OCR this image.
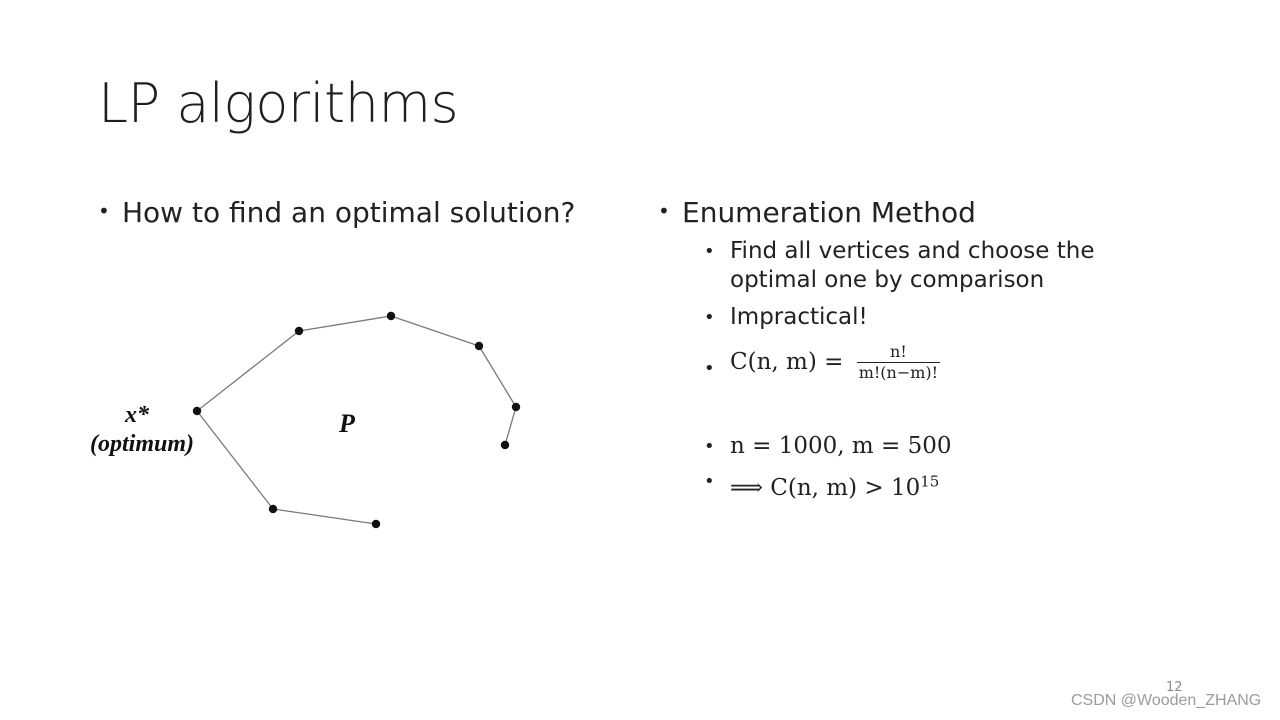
LP algorithms
• How to find an optimal solution?
x*
(optimum)
P
• Enumeration Method
• Find all vertices and choose the optimal one by comparison
• Impractical!
• C(n, $m) = \frac{n!}{m!(n-m)!}$
• n = 1000, m = 500
• ⟹ C(n, $m) > 10^{15}$
12
CSDN @Wooden_ZHANG
